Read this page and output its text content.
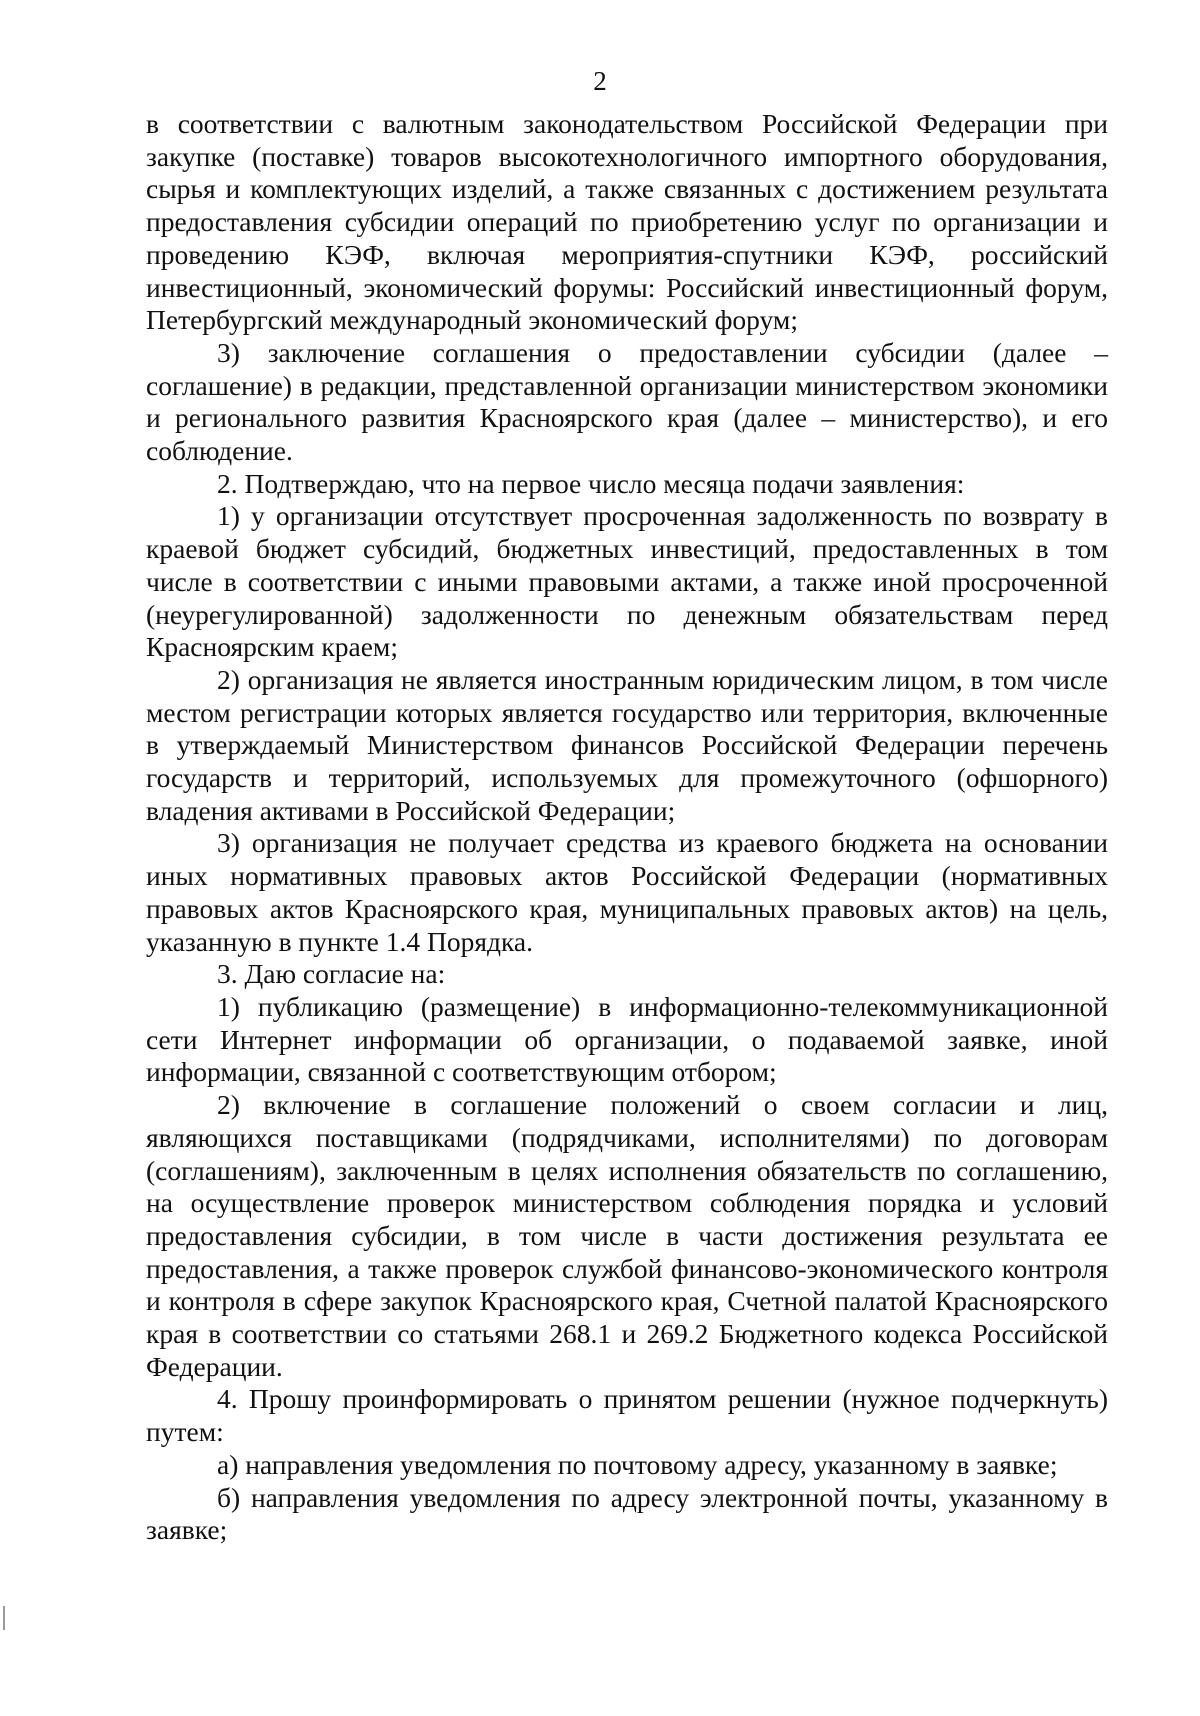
2

в соответствии с валютным законодательством Российской Федерации при закупке (поставке) товаров высокотехнологичного импортного оборудования, сырья и комплектующих изделий, а также связанных с достижением результата предоставления субсидии операций по приобретению услуг по организации и проведению КЭФ, включая мероприятия-спутники КЭФ, российский инвестиционный, экономический форумы: Российский инвестиционный форум, Петербургский международный экономический форум;

3) заключение соглашения о предоставлении субсидии (далее – соглашение) в редакции, представленной организации министерством экономики и регионального развития Красноярского края (далее – министерство), и его соблюдение.

2. Подтверждаю, что на первое число месяца подачи заявления:

1) у организации отсутствует просроченная задолженность по возврату в краевой бюджет субсидий, бюджетных инвестиций, предоставленных в том числе в соответствии с иными правовыми актами, а также иной просроченной (неурегулированной) задолженности по денежным обязательствам перед Красноярским краем;

2) организация не является иностранным юридическим лицом, в том числе местом регистрации которых является государство или территория, включенные в утверждаемый Министерством финансов Российской Федерации перечень государств и территорий, используемых для промежуточного (офшорного) владения активами в Российской Федерации;

3) организация не получает средства из краевого бюджета на основании иных нормативных правовых актов Российской Федерации (нормативных правовых актов Красноярского края, муниципальных правовых актов) на цель, указанную в пункте 1.4 Порядка.

3. Даю согласие на:

1) публикацию (размещение) в информационно-телекоммуникационной сети Интернет информации об организации, о подаваемой заявке, иной информации, связанной с соответствующим отбором;

2) включение в соглашение положений о своем согласии и лиц, являющихся поставщиками (подрядчиками, исполнителями) по договорам (соглашениям), заключенным в целях исполнения обязательств по соглашению, на осуществление проверок министерством соблюдения порядка и условий предоставления субсидии, в том числе в части достижения результата ее предоставления, а также проверок службой финансово-экономического контроля и контроля в сфере закупок Красноярского края, Счетной палатой Красноярского края в соответствии со статьями 268.1 и 269.2 Бюджетного кодекса Российской Федерации.

4. Прошу проинформировать о принятом решении (нужное подчеркнуть) путем:

а) направления уведомления по почтовому адресу, указанному в заявке;

б) направления уведомления по адресу электронной почты, указанному в заявке;
